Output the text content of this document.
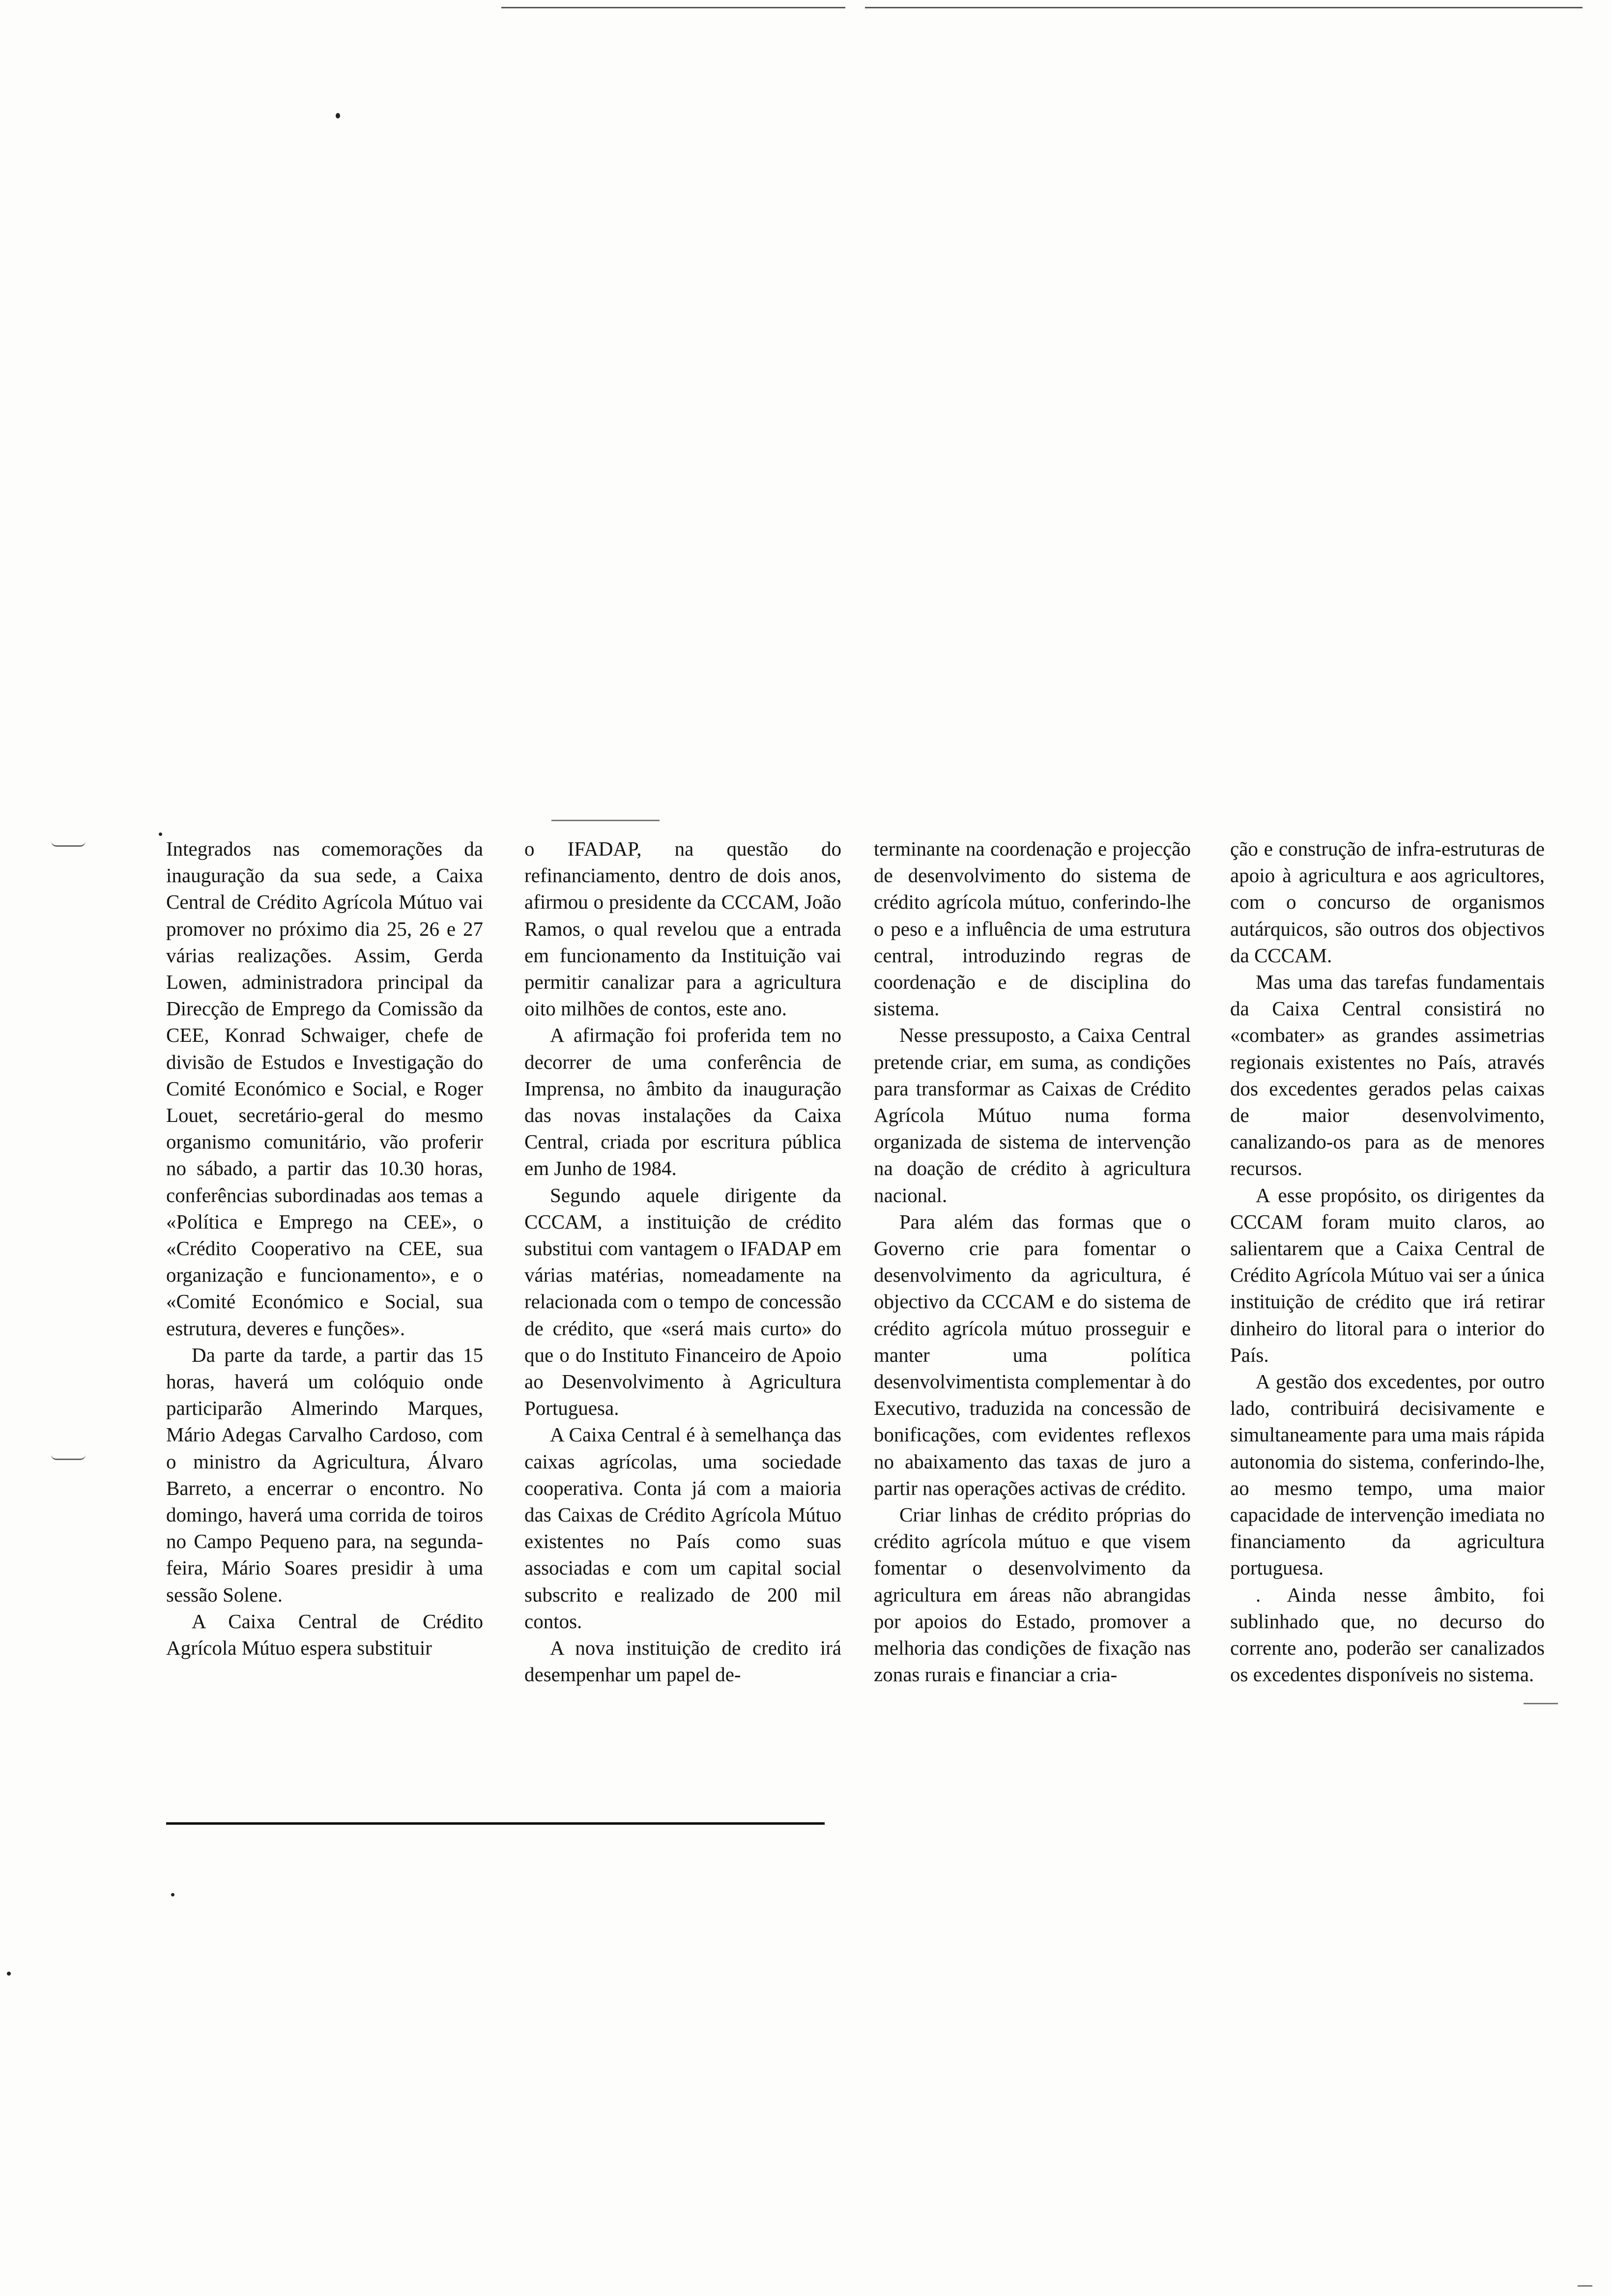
Integrados nas comemorações da inauguração da sua sede, a Caixa Central de Crédito Agrícola Mútuo vai promover no próximo dia 25, 26 e 27 várias realizações. Assim, Gerda Lowen, administradora principal da Direcção de Emprego da Comissão da CEE, Konrad Schwaiger, chefe de divisão de Estudos e Investigação do Comité Económico e Social, e Roger Louet, secretário-geral do mesmo organismo comunitário, vão proferir no sábado, a partir das 10.30 horas, conferências subordinadas aos temas a «Política e Emprego na CEE», o «Crédito Cooperativo na CEE, sua organização e funcionamento», e o «Comité Económico e Social, sua estrutura, deveres e funções».

Da parte da tarde, a partir das 15 horas, haverá um colóquio onde participarão Almerindo Marques, Mário Adegas Carvalho Cardoso, com o ministro da Agricultura, Álvaro Barreto, a encerrar o encontro. No domingo, haverá uma corrida de toiros no Campo Pequeno para, na segunda-feira, Mário Soares presidir à uma sessão Solene.

A Caixa Central de Crédito Agrícola Mútuo espera substituir

o IFADAP, na questão do refinanciamento, dentro de dois anos, afirmou o presidente da CCCAM, João Ramos, o qual revelou que a entrada em funcionamento da Instituição vai permitir canalizar para a agricultura oito milhões de contos, este ano.

A afirmação foi proferida tem no decorrer de uma conferência de Imprensa, no âmbito da inauguração das novas instalações da Caixa Central, criada por escritura pública em Junho de 1984.

Segundo aquele dirigente da CCCAM, a instituição de crédito substitui com vantagem o IFADAP em várias matérias, nomeadamente na relacionada com o tempo de concessão de crédito, que «será mais curto» do que o do Instituto Financeiro de Apoio ao Desenvolvimento à Agricultura Portuguesa.

A Caixa Central é à semelhança das caixas agrícolas, uma sociedade cooperativa. Conta já com a maioria das Caixas de Crédito Agrícola Mútuo existentes no País como suas associadas e com um capital social subscrito e realizado de 200 mil contos.

A nova instituição de credito irá desempenhar um papel de-

terminante na coordenação e projecção de desenvolvimento do sistema de crédito agrícola mútuo, conferindo-lhe o peso e a influência de uma estrutura central, introduzindo regras de coordenação e de disciplina do sistema.

Nesse pressuposto, a Caixa Central pretende criar, em suma, as condições para transformar as Caixas de Crédito Agrícola Mútuo numa forma organizada de sistema de intervenção na doação de crédito à agricultura nacional.

Para além das formas que o Governo crie para fomentar o desenvolvimento da agricultura, é objectivo da CCCAM e do sistema de crédito agrícola mútuo prosseguir e manter uma política desenvolvimentista complementar à do Executivo, traduzida na concessão de bonificações, com evidentes reflexos no abaixamento das taxas de juro a partir nas operações activas de crédito.

Criar linhas de crédito próprias do crédito agrícola mútuo e que visem fomentar o desenvolvimento da agricultura em áreas não abrangidas por apoios do Estado, promover a melhoria das condições de fixação nas zonas rurais e financiar a cria-

ção e construção de infra-estruturas de apoio à agricultura e aos agricultores, com o concurso de organismos autárquicos, são outros dos objectivos da CCCAM.

Mas uma das tarefas fundamentais da Caixa Central consistirá no «combater» as grandes assimetrias regionais existentes no País, através dos excedentes gerados pelas caixas de maior desenvolvimento, canalizando-os para as de menores recursos.

A esse propósito, os dirigentes da CCCAM foram muito claros, ao salientarem que a Caixa Central de Crédito Agrícola Mútuo vai ser a única instituição de crédito que irá retirar dinheiro do litoral para o interior do País.

A gestão dos excedentes, por outro lado, contribuirá decisivamente e simultaneamente para uma mais rápida autonomia do sistema, conferindo-lhe, ao mesmo tempo, uma maior capacidade de intervenção imediata no financiamento da agricultura portuguesa.

. Ainda nesse âmbito, foi sublinhado que, no decurso do corrente ano, poderão ser canalizados os excedentes disponíveis no sistema.
